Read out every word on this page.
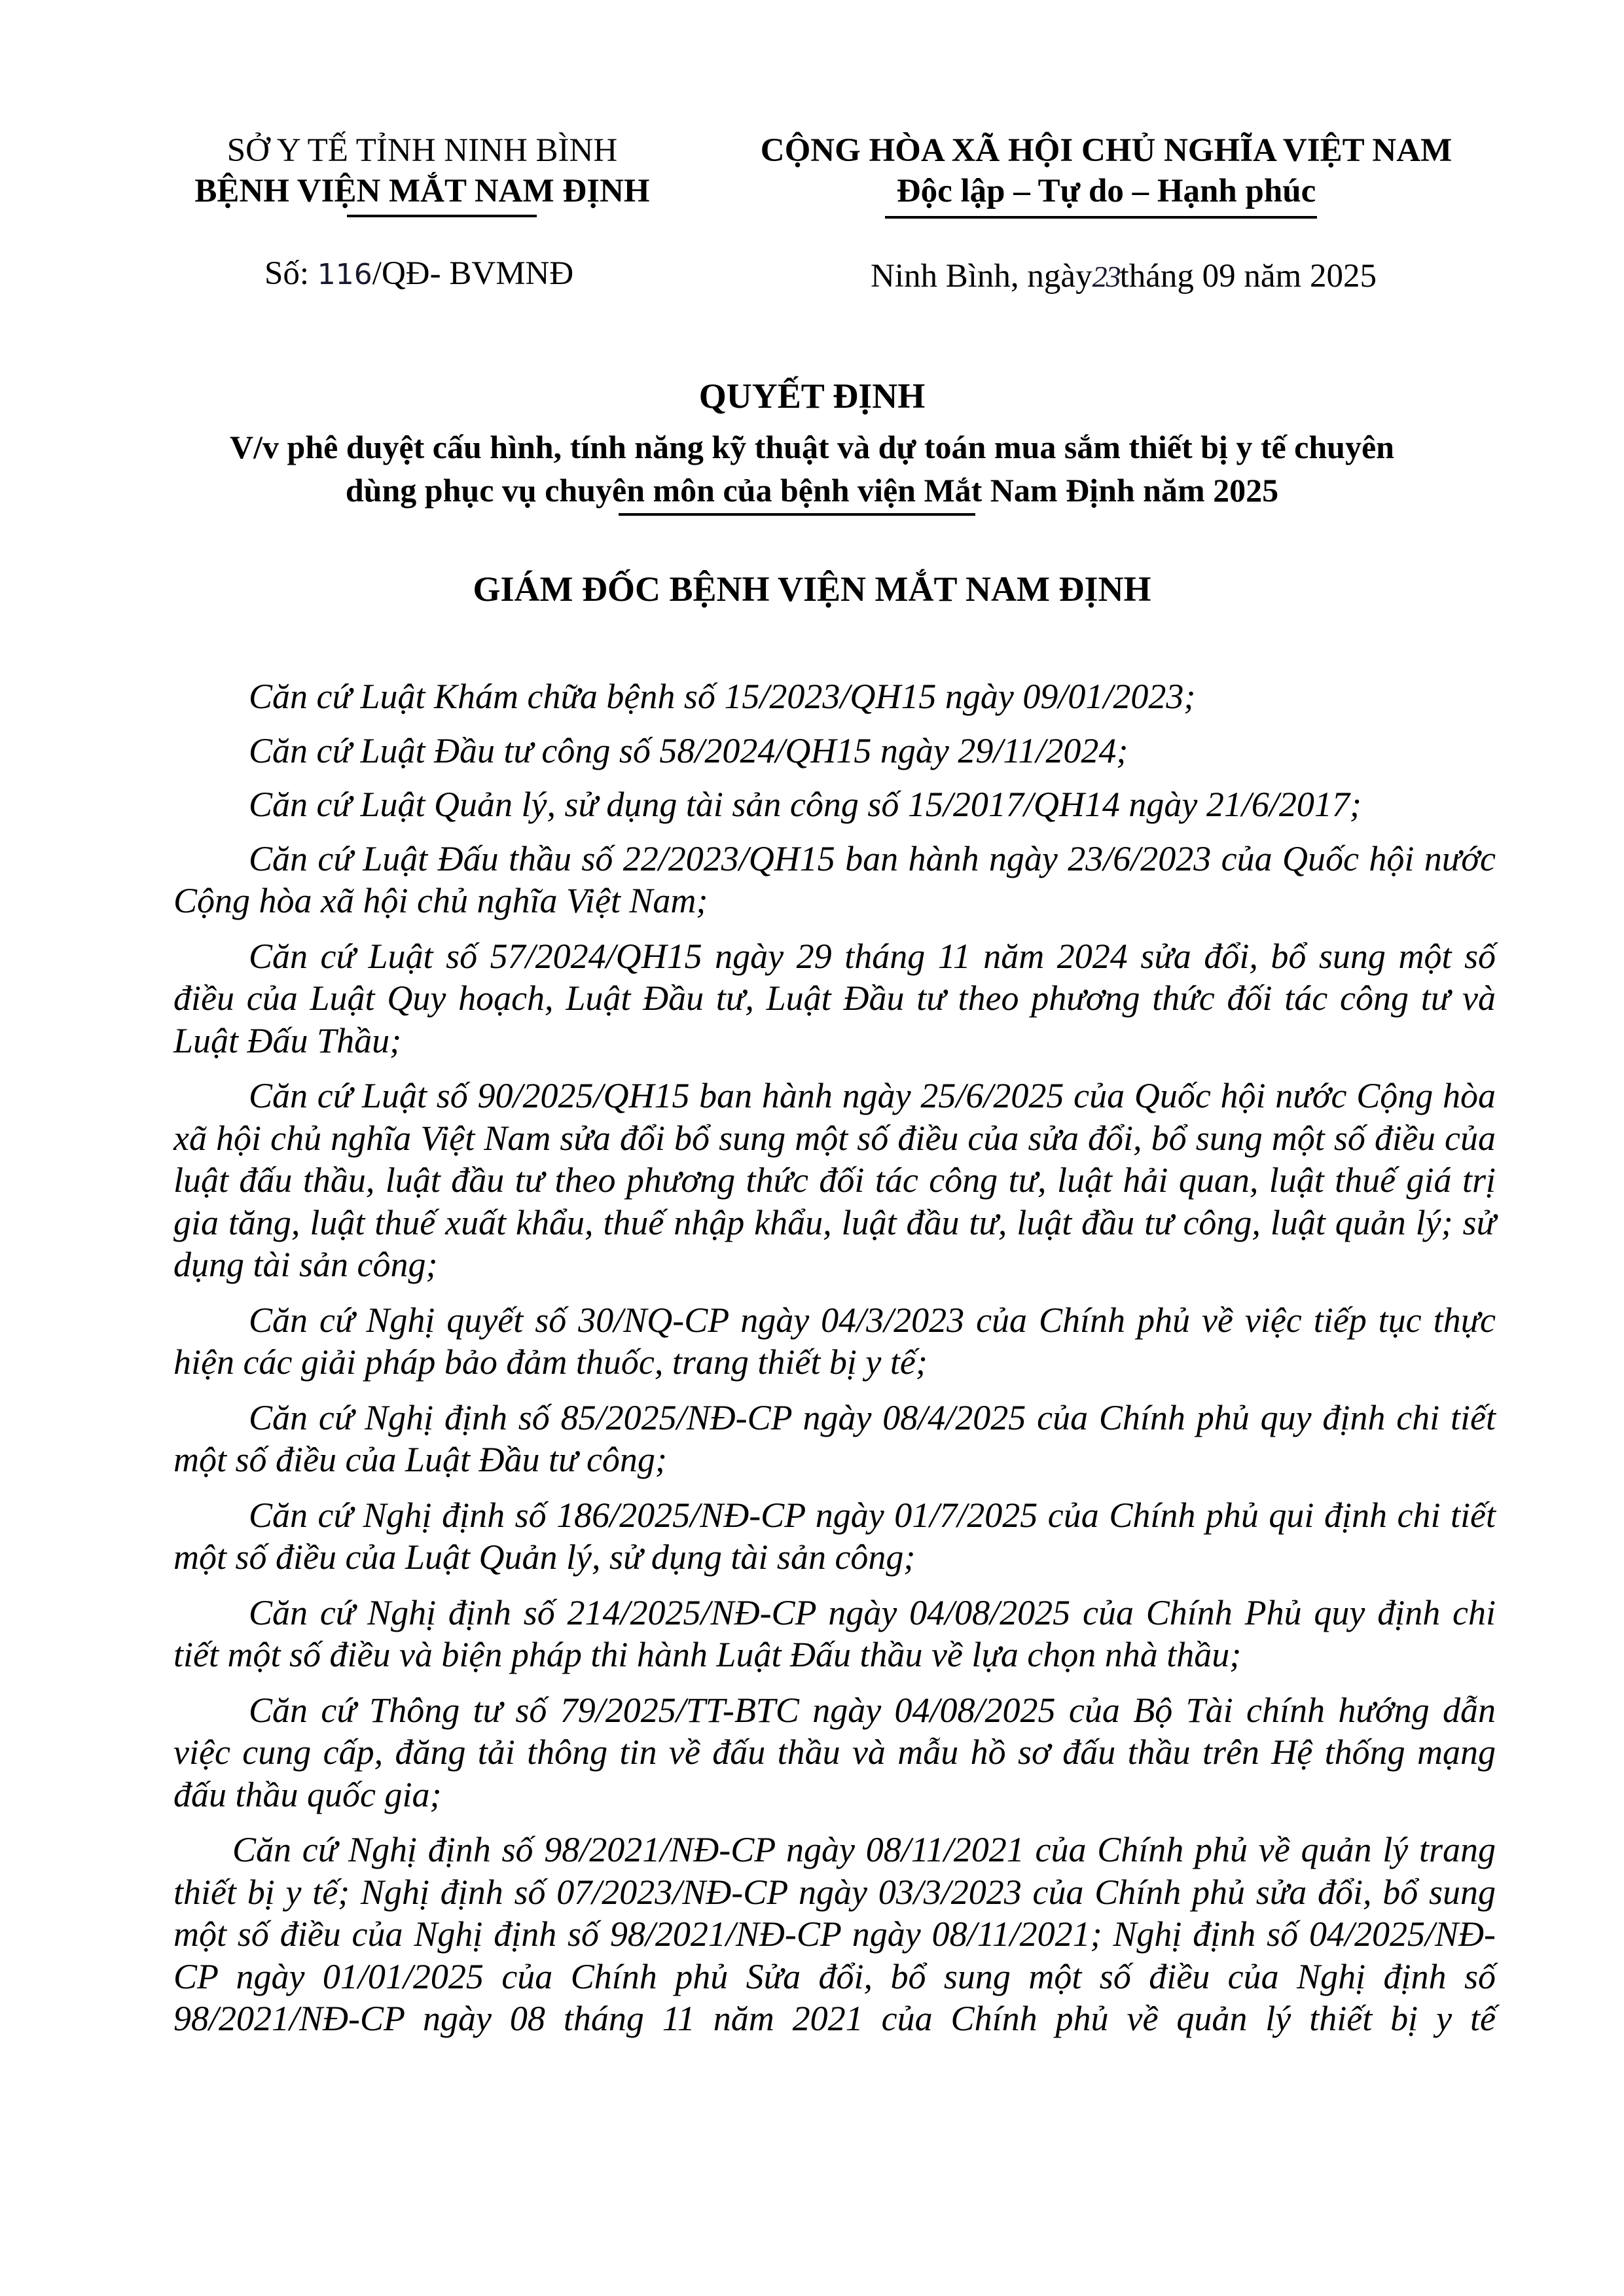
SỞ Y TẾ TỈNH NINH BÌNH
BỆNH VIỆN MẮT NAM ĐỊNH
Số: 116/QĐ- BVMNĐ
CỘNG HÒA XÃ HỘI CHỦ NGHĨA VIỆT NAM
Độc lập – Tự do – Hạnh phúc
Ninh Bình, ngày23tháng 09 năm 2025
QUYẾT ĐỊNH
V/v phê duyệt cấu hình, tính năng kỹ thuật và dự toán mua sắm thiết bị y tế chuyên
dùng phục vụ chuyên môn của bệnh viện Mắt Nam Định năm 2025
GIÁM ĐỐC BỆNH VIỆN MẮT NAM ĐỊNH

Căn cứ Luật Khám chữa bệnh số 15/2023/QH15 ngày 09/01/2023;

Căn cứ Luật Đầu tư công số 58/2024/QH15 ngày 29/11/2024;

Căn cứ Luật Quản lý, sử dụng tài sản công số 15/2017/QH14 ngày 21/6/2017;

Căn cứ Luật Đấu thầu số 22/2023/QH15 ban hành ngày 23/6/2023 của Quốc hội nước Cộng hòa xã hội chủ nghĩa Việt Nam;

Căn cứ Luật số 57/2024/QH15 ngày 29 tháng 11 năm 2024 sửa đổi, bổ sung một số điều của Luật Quy hoạch, Luật Đầu tư, Luật Đầu tư theo phương thức đối tác công tư và Luật Đấu Thầu;

Căn cứ Luật số 90/2025/QH15 ban hành ngày 25/6/2025 của Quốc hội nước Cộng hòa xã hội chủ nghĩa Việt Nam sửa đổi bổ sung một số điều của sửa đổi, bổ sung một số điều của luật đấu thầu, luật đầu tư theo phương thức đối tác công tư, luật hải quan, luật thuế giá trị gia tăng, luật thuế xuất khẩu, thuế nhập khẩu, luật đầu tư, luật đầu tư công, luật quản lý; sử dụng tài sản công;

Căn cứ Nghị quyết số 30/NQ-CP ngày 04/3/2023 của Chính phủ về việc tiếp tục thực hiện các giải pháp bảo đảm thuốc, trang thiết bị y tế;

Căn cứ Nghị định số 85/2025/NĐ-CP ngày 08/4/2025 của Chính phủ quy định chi tiết một số điều của Luật Đầu tư công;

Căn cứ Nghị định số 186/2025/NĐ-CP ngày 01/7/2025 của Chính phủ qui định chi tiết một số điều của Luật Quản lý, sử dụng tài sản công;

Căn cứ Nghị định số 214/2025/NĐ-CP ngày 04/08/2025 của Chính Phủ quy định chi tiết một số điều và biện pháp thi hành Luật Đấu thầu về lựa chọn nhà thầu;

Căn cứ Thông tư số 79/2025/TT-BTC ngày 04/08/2025 của Bộ Tài chính hướng dẫn việc cung cấp, đăng tải thông tin về đấu thầu và mẫu hồ sơ đấu thầu trên Hệ thống mạng đấu thầu quốc gia;

Căn cứ Nghị định số 98/2021/NĐ-CP ngày 08/11/2021 của Chính phủ về quản lý trang thiết bị y tế; Nghị định số 07/2023/NĐ-CP ngày 03/3/2023 của Chính phủ sửa đổi, bổ sung một số điều của Nghị định số 98/2021/NĐ-CP ngày 08/11/2021; Nghị định số 04/2025/NĐ-CP ngày 01/01/2025 của Chính phủ Sửa đổi, bổ sung một số điều của Nghị định số 98/2021/NĐ-CP ngày 08 tháng 11 năm 2021 của Chính phủ về quản lý thiết bị y tế
